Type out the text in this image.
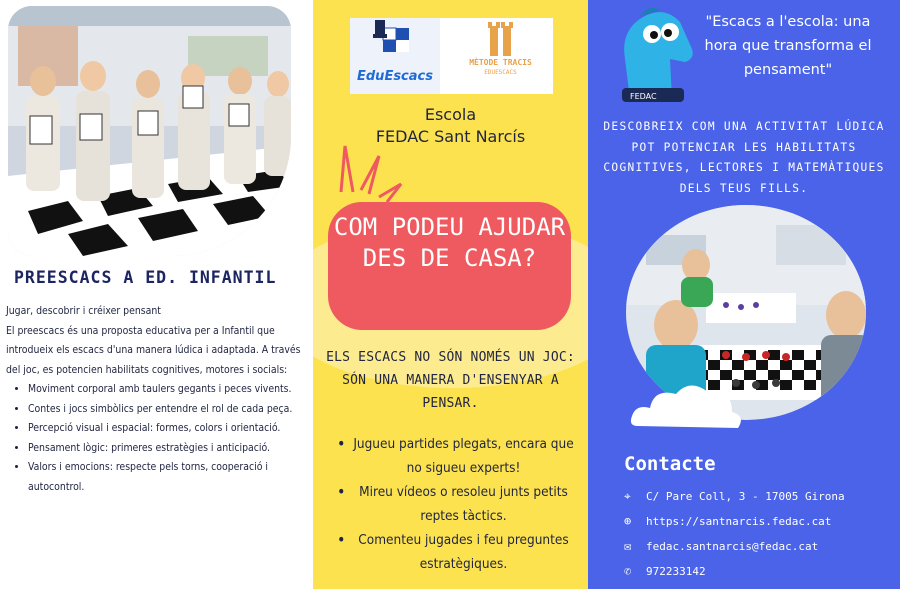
PREESCACS A ED. INFANTIL

Jugar, descobrir i créixer pensant

El preescacs és una proposta educativa per a Infantil que introdueix els escacs d'una manera lúdica i adaptada. A través del joc, es potencien habilitats cognitives, motores i socials:

• Moviment corporal amb taulers gegants i peces vivents.
• Contes i jocs simbòlics per entendre el rol de cada peça.
• Percepció visual i espacial: formes, colors i orientació.
• Pensament lògic: primeres estratègies i anticipació.
• Valors i emocions: respecte pels torns, cooperació i autocontrol.
EduEscacs
MÈTODE TRACIS
EDUESCACS
Escola
FEDAC Sant Narcís
COM PODEU AJUDAR DES DE CASA?
ELS ESCACS NO SÓN NOMÉS UN JOC: SÓN UNA MANERA D'ENSENYAR A PENSAR.
• Jugueu partides plegats, encara que no sigueu experts!
• Mireu vídeos o resoleu junts petits reptes tàctics.
• Comenteu jugades i feu preguntes estratègiques.
FEDAC
"Escacs a l'escola: una hora que transforma el pensament"
DESCOBREIX COM UNA ACTIVITAT LÚDICA POT POTENCIAR LES HABILITATS COGNITIVES, LECTORES I MATEMÀTIQUES DELS TEUS FILLS.
Contacte
⌖ C/ Pare Coll, 3 - 17005 Girona
⊕ https://santnarcis.fedac.cat
✉ fedac.santnarcis@fedac.cat
✆ 972233142
